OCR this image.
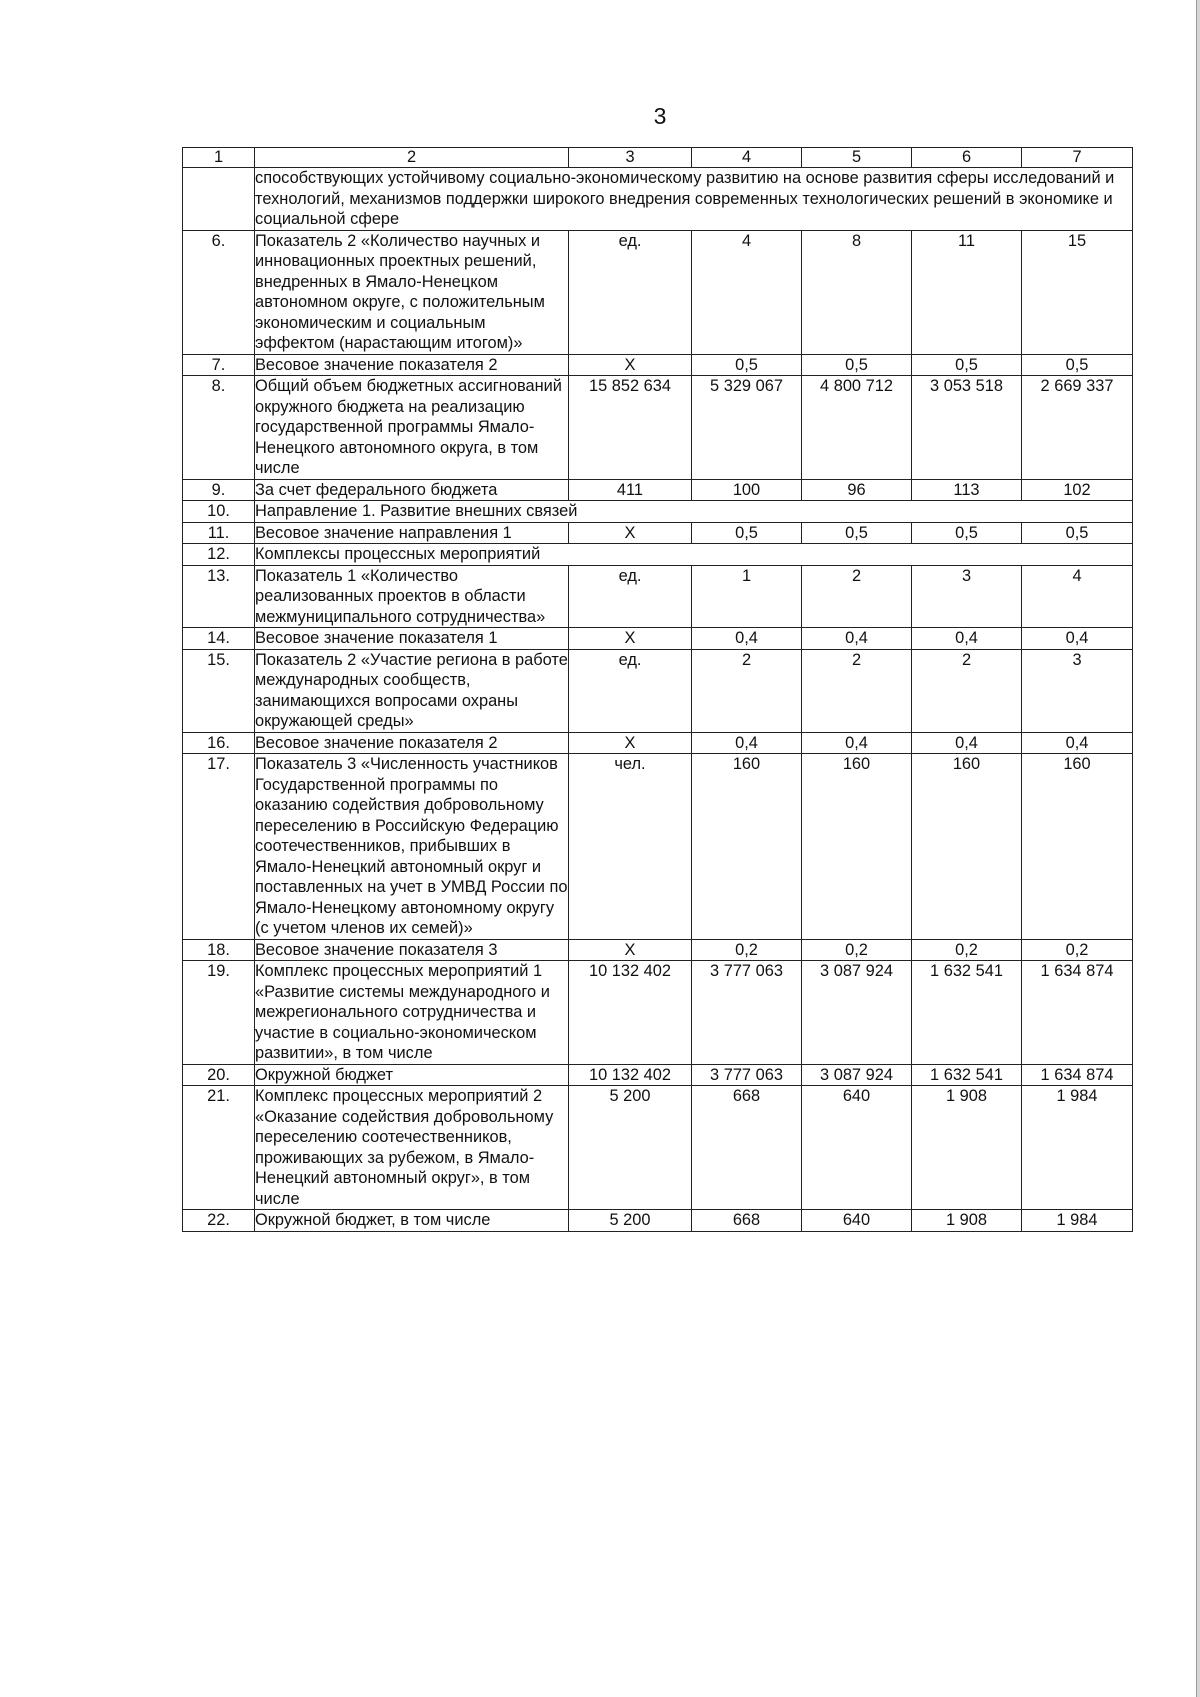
3
1	2	3	4	5	6	7
	способствующих устойчивому социально-экономическому развитию на основе развития сферы исследований и технологий, механизмов поддержки широкого внедрения современных технологических решений в экономике и социальной сфере					
6.	Показатель 2 «Количество научных и инновационных проектных решений, внедренных в Ямало-Ненецком автономном округе, с положительным экономическим и социальным эффектом (нарастающим итогом)»	ед.	4	8	11	15
7.	Весовое значение показателя 2	X	0,5	0,5	0,5	0,5
8.	Общий объем бюджетных ассигнований окружного бюджета на реализацию государственной программы Ямало-Ненецкого автономного округа, в том числе	15 852 634	5 329 067	4 800 712	3 053 518	2 669 337
9.	За счет федерального бюджета	411	100	96	113	102
10.	Направление 1. Развитие внешних связей					
11.	Весовое значение направления 1	X	0,5	0,5	0,5	0,5
12.	Комплексы процессных мероприятий					
13.	Показатель 1 «Количество реализованных проектов в области межмуниципального сотрудничества»	ед.	1	2	3	4
14.	Весовое значение показателя 1	X	0,4	0,4	0,4	0,4
15.	Показатель 2 «Участие региона в работе международных сообществ, занимающихся вопросами охраны окружающей среды»	ед.	2	2	2	3
16.	Весовое значение показателя 2	X	0,4	0,4	0,4	0,4
17.	Показатель 3 «Численность участников Государственной программы по оказанию содействия добровольному переселению в Российскую Федерацию соотечественников, прибывших в Ямало-Ненецкий автономный округ и поставленных на учет в УМВД России по Ямало-Ненецкому автономному округу (с учетом членов их семей)»	чел.	160	160	160	160
18.	Весовое значение показателя 3	X	0,2	0,2	0,2	0,2
19.	Комплекс процессных мероприятий 1 «Развитие системы международного и межрегионального сотрудничества и участие в социально-экономическом развитии», в том числе	10 132 402	3 777 063	3 087 924	1 632 541	1 634 874
20.	Окружной бюджет	10 132 402	3 777 063	3 087 924	1 632 541	1 634 874
21.	Комплекс процессных мероприятий 2 «Оказание содействия добровольному переселению соотечественников, проживающих за рубежом, в Ямало-Ненецкий автономный округ», в том числе	5 200	668	640	1 908	1 984
22.	Окружной бюджет, в том числе	5 200	668	640	1 908	1 984
